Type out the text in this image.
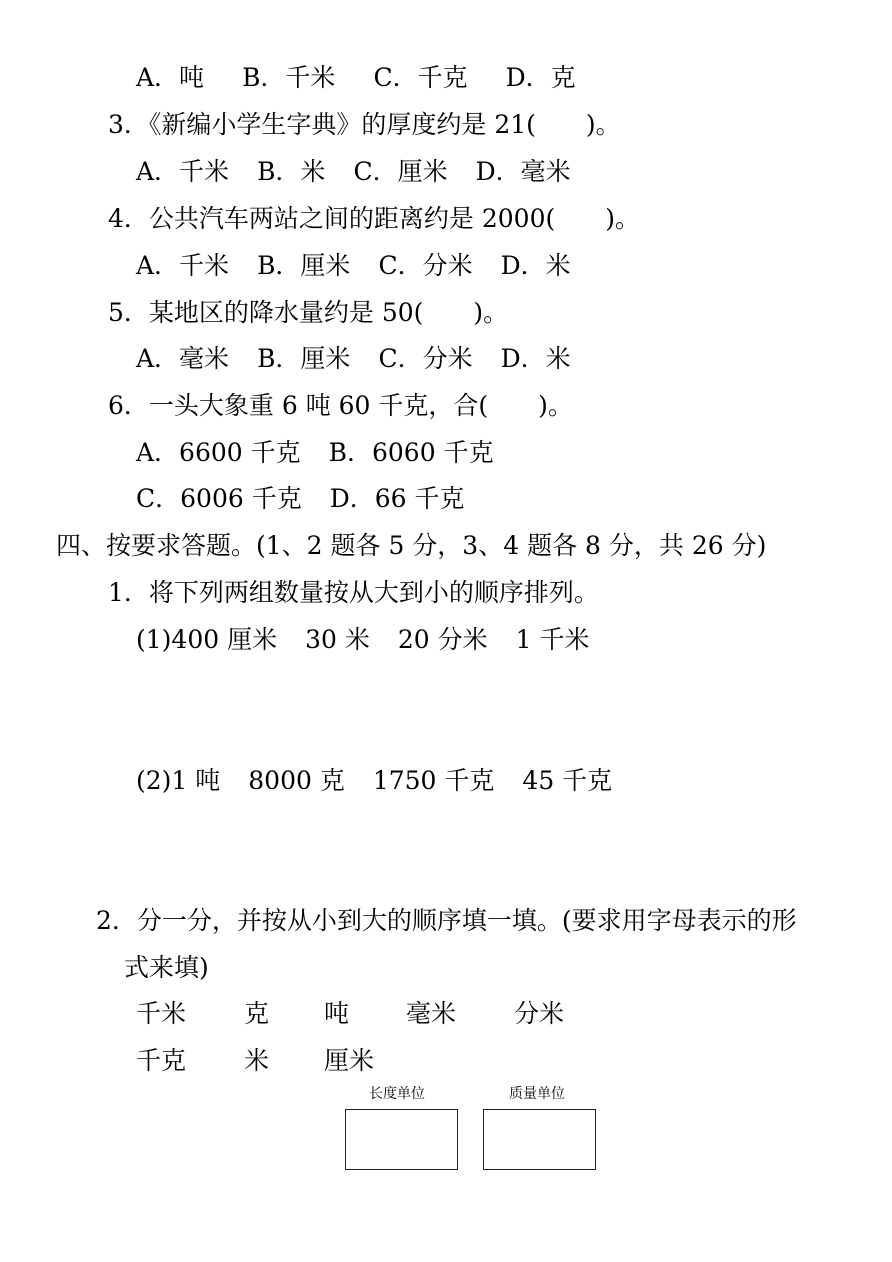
A．吨 B．千米 C．千克 D．克
3．《新编小学生字典》的厚度约是 21(　　)。
A．千米 B．米 C．厘米 D．毫米
4．公共汽车两站之间的距离约是 2000(　　)。
A．千米 B．厘米 C．分米 D．米
5．某地区的降水量约是 50(　　)。
A．毫米 B．厘米 C．分米 D．米
6．一头大象重 6 吨 60 千克，合(　　)。
A．6600 千克 B．6060 千克
C．6006 千克 D．66 千克
四、按要求答题。(1、2 题各 5 分，3、4 题各 8 分，共 26 分)
1．将下列两组数量按从大到小的顺序排列。
(1)400 厘米 30 米 20 分米 1 千米
(2)1 吨 8000 克 1750 千克 45 千克
2．分一分，并按从小到大的顺序填一填。(要求用字母表示的形
式来填)
千米 克 吨 毫米 分米
千克 米 厘米
长度单位	质量单位
